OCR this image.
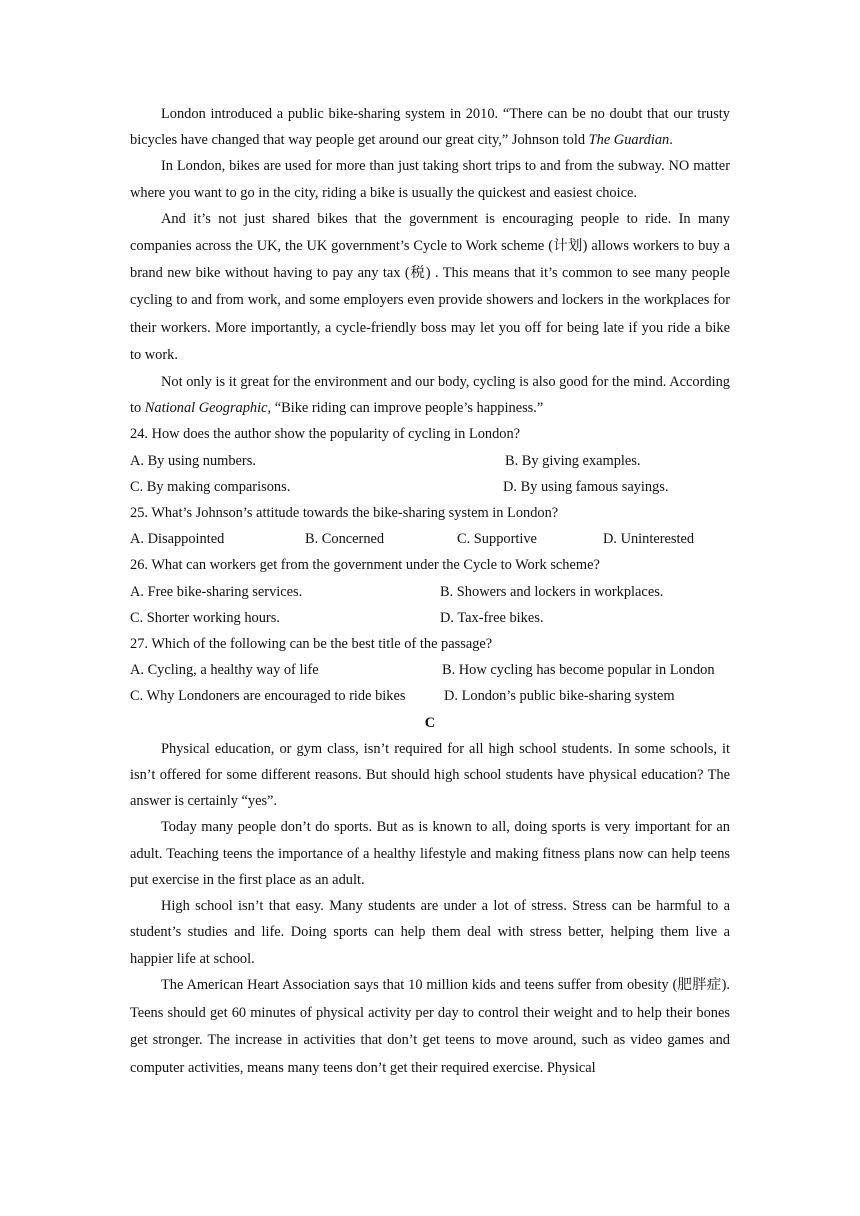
London introduced a public bike-sharing system in 2010. “There can be no doubt that our trusty bicycles have changed that way people get around our great city,” Johnson told The Guardian.

In London, bikes are used for more than just taking short trips to and from the subway. NO matter where you want to go in the city, riding a bike is usually the quickest and easiest choice.

And it’s not just shared bikes that the government is encouraging people to ride. In many companies across the UK, the UK government’s Cycle to Work scheme (计划) allows workers to buy a brand new bike without having to pay any tax (税) . This means that it’s common to see many people cycling to and from work, and some employers even provide showers and lockers in the workplaces for their workers. More importantly, a cycle-friendly boss may let you off for being late if you ride a bike to work.

Not only is it great for the environment and our body, cycling is also good for the mind. According to National Geographic, “Bike riding can improve people’s happiness.”

24. How does the author show the popularity of cycling in London?

A. By using numbers.	B. By giving examples.
C. By making comparisons.	D. By using famous sayings.

25. What’s Johnson’s attitude towards the bike-sharing system in London?

A. Disappointed	B. Concerned	C. Supportive	D. Uninterested

26. What can workers get from the government under the Cycle to Work scheme?

A. Free bike-sharing services.	B. Showers and lockers in workplaces.
C. Shorter working hours.	D. Tax-free bikes.

27. Which of the following can be the best title of the passage?

A. Cycling, a healthy way of life	B. How cycling has become popular in London
C. Why Londoners are encouraged to ride bikes	D. London’s public bike-sharing system

C

Physical education, or gym class, isn’t required for all high school students. In some schools, it isn’t offered for some different reasons. But should high school students have physical education? The answer is certainly “yes”.

Today many people don’t do sports. But as is known to all, doing sports is very important for an adult. Teaching teens the importance of a healthy lifestyle and making fitness plans now can help teens put exercise in the first place as an adult.

High school isn’t that easy. Many students are under a lot of stress. Stress can be harmful to a student’s studies and life. Doing sports can help them deal with stress better, helping them live a happier life at school.

The American Heart Association says that 10 million kids and teens suffer from obesity (肥胖症). Teens should get 60 minutes of physical activity per day to control their weight and to help their bones get stronger. The increase in activities that don’t get teens to move around, such as video games and computer activities, means many teens don’t get their required exercise. Physical
